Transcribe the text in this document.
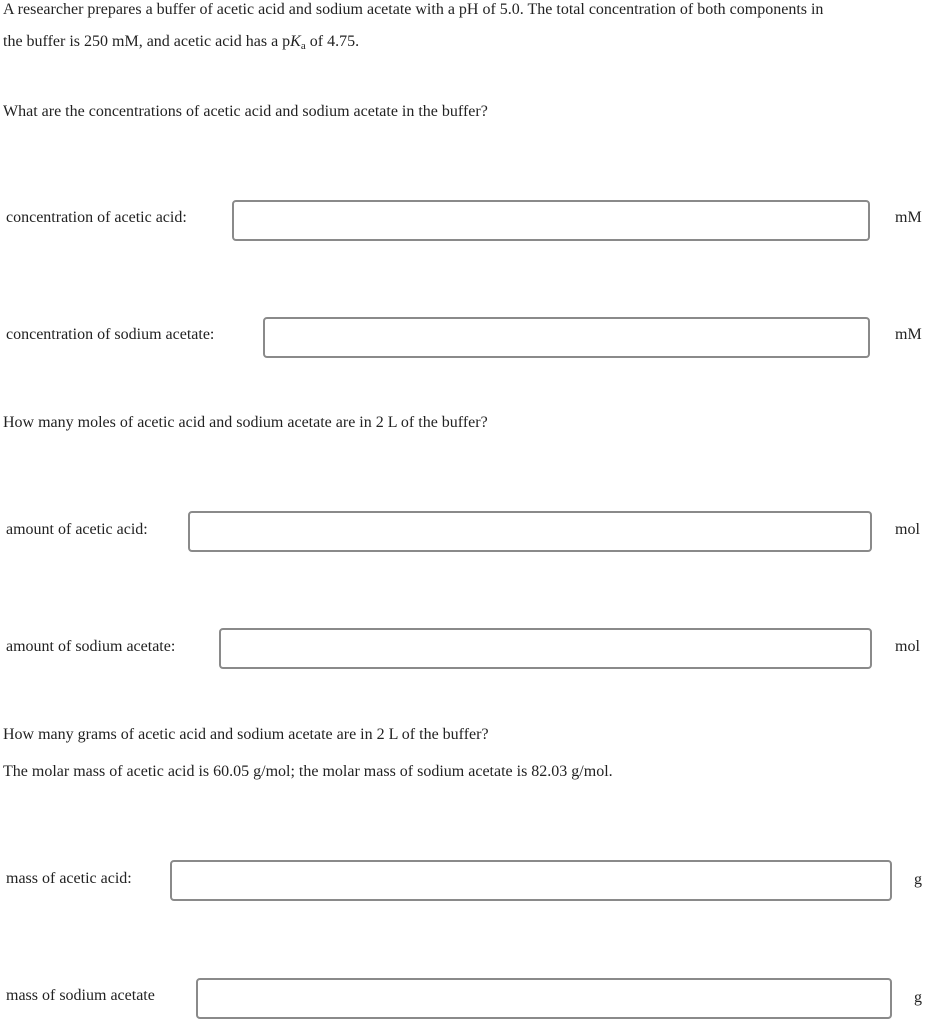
A researcher prepares a buffer of acetic acid and sodium acetate with a pH of 5.0. The total concentration of both components in
the buffer is 250 mM, and acetic acid has a $pK_a$ of 4.75.
What are the concentrations of acetic acid and sodium acetate in the buffer?
concentration of acetic acid:	mM
concentration of sodium acetate:	mM
How many moles of acetic acid and sodium acetate are in 2 L of the buffer?
amount of acetic acid:	mol
amount of sodium acetate:	mol
How many grams of acetic acid and sodium acetate are in 2 L of the buffer?
The molar mass of acetic acid is 60.05 g/mol; the molar mass of sodium acetate is 82.03 g/mol.
mass of acetic acid:	g
mass of sodium acetate	g
